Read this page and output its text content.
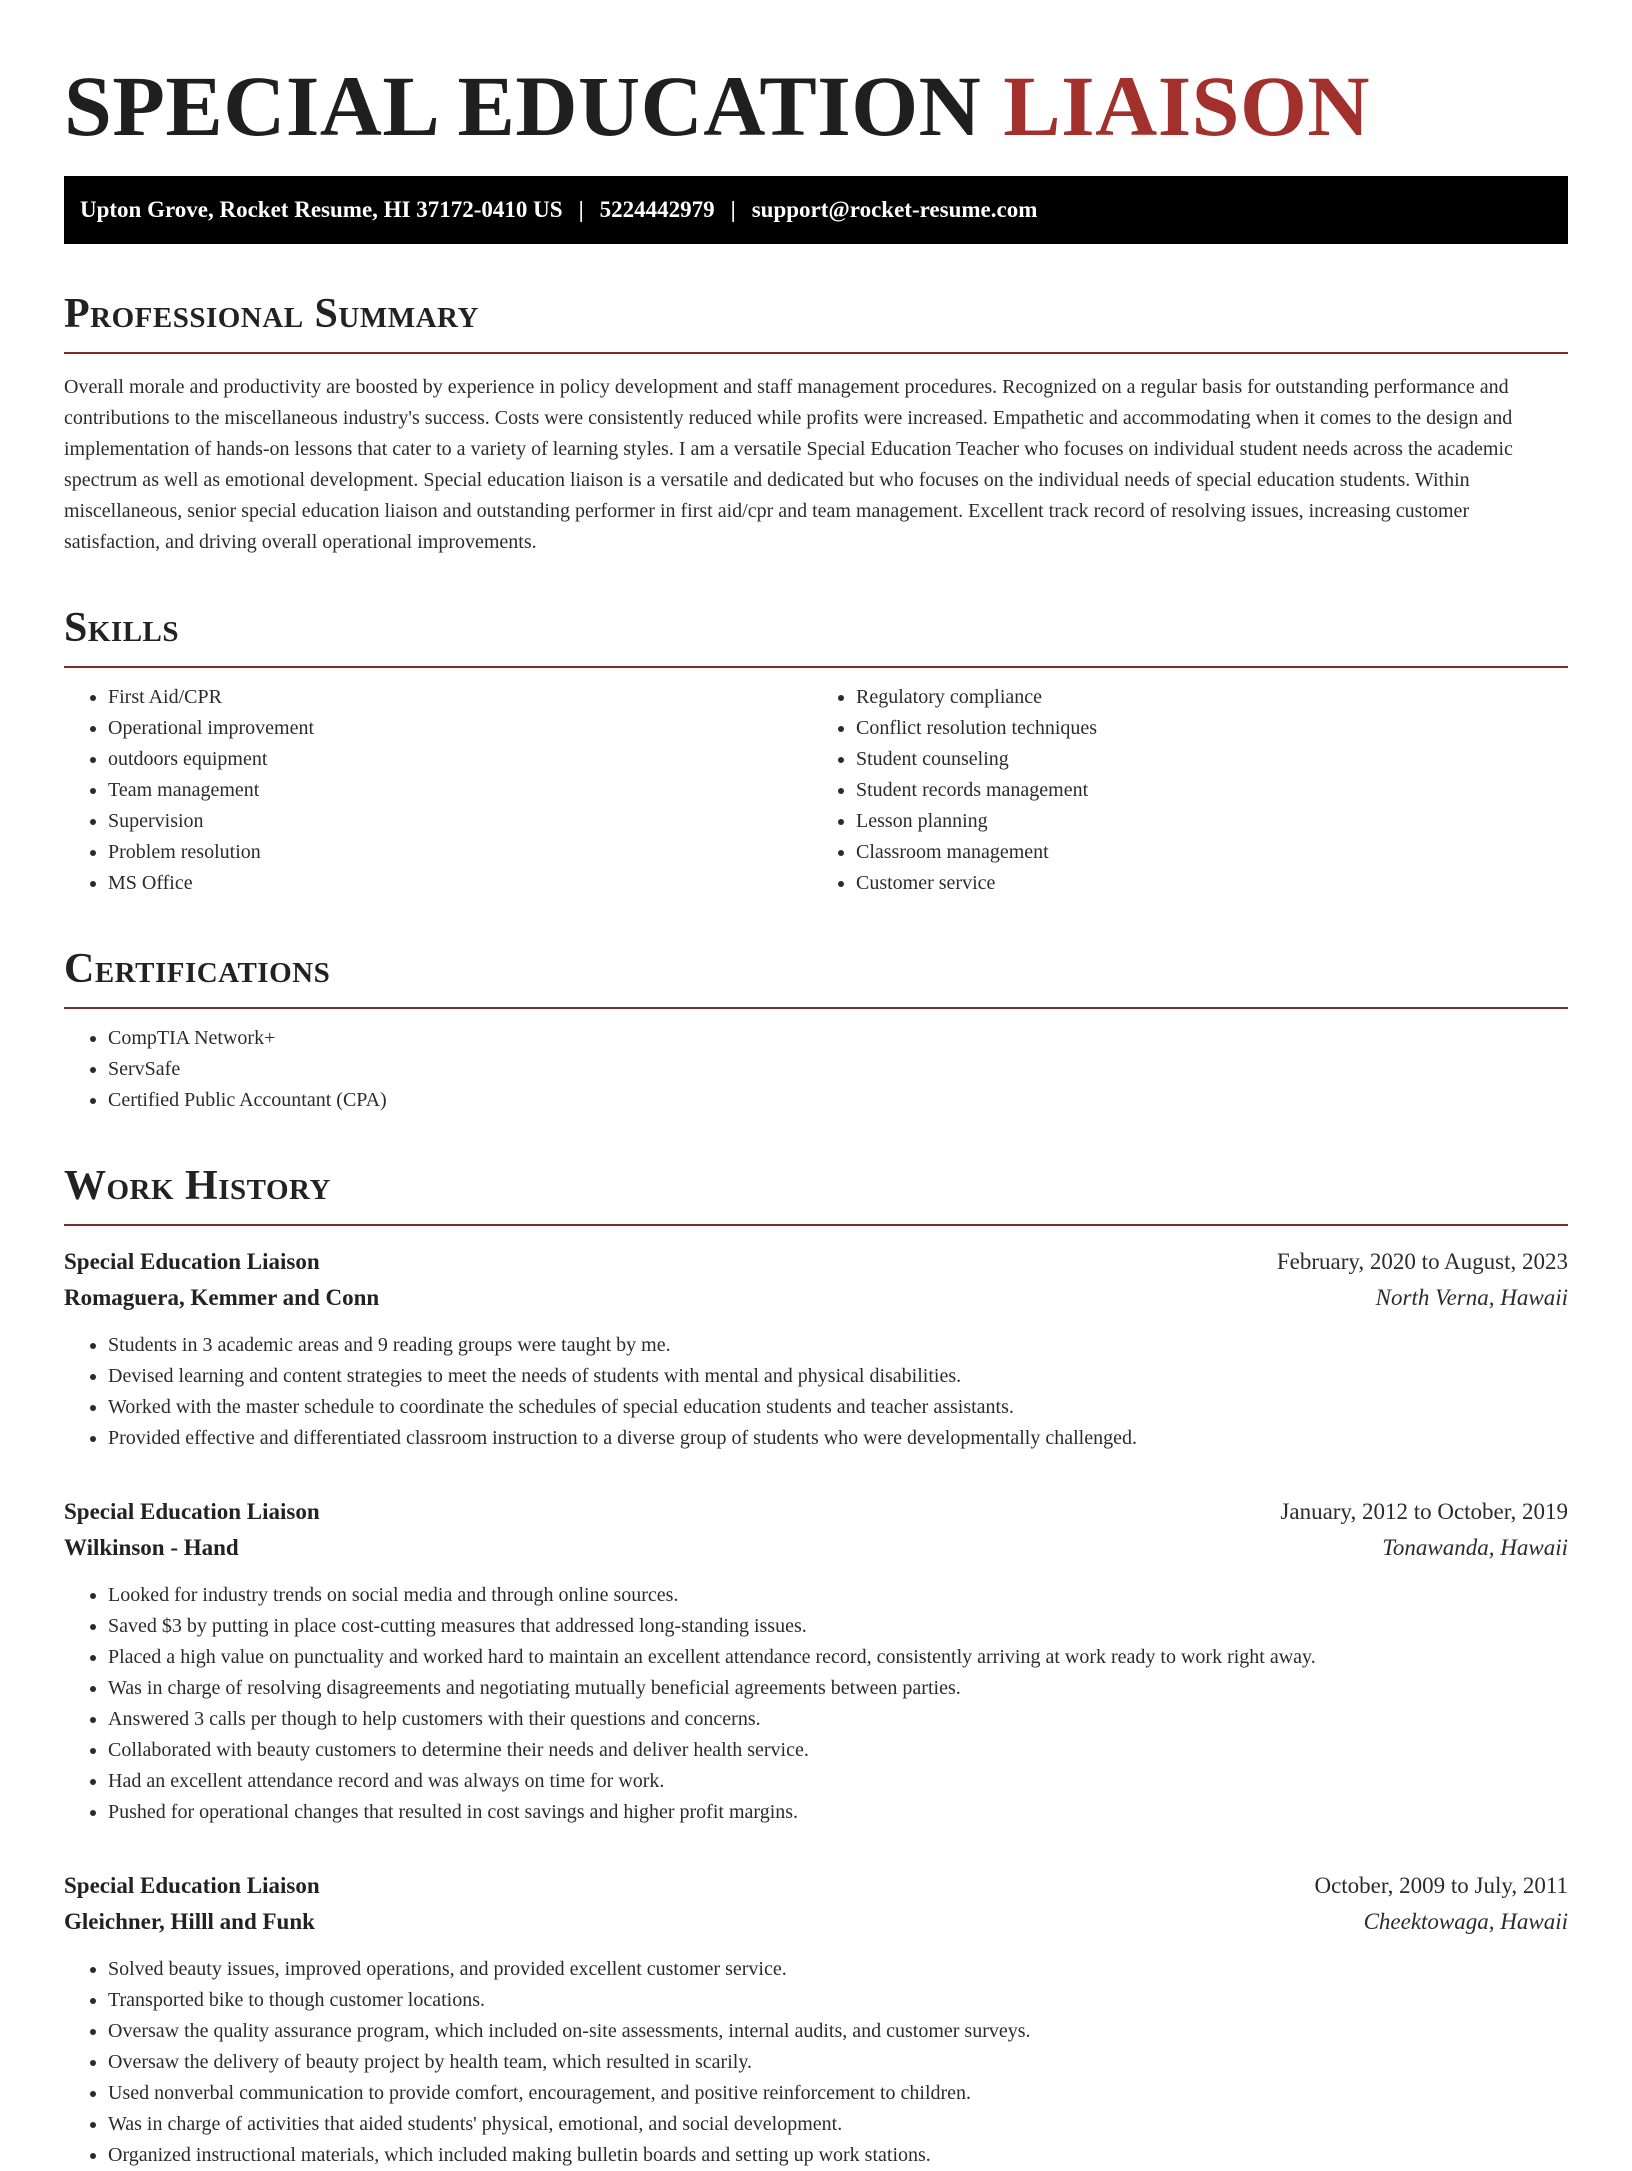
SPECIAL EDUCATION LIAISON
Upton Grove, Rocket Resume, HI 37172-0410 US | 5224442979 | support@rocket-resume.com
Professional Summary

Overall morale and productivity are boosted by experience in policy development and staff management procedures. Recognized on a regular basis for outstanding performance and contributions to the miscellaneous industry's success. Costs were consistently reduced while profits were increased. Empathetic and accommodating when it comes to the design and implementation of hands-on lessons that cater to a variety of learning styles. I am a versatile Special Education Teacher who focuses on individual student needs across the academic spectrum as well as emotional development. Special education liaison is a versatile and dedicated but who focuses on the individual needs of special education students. Within miscellaneous, senior special education liaison and outstanding performer in first aid/cpr and team management. Excellent track record of resolving issues, increasing customer satisfaction, and driving overall operational improvements.

Skills
• First Aid/CPR
• Operational improvement
• outdoors equipment
• Team management
• Supervision
• Problem resolution
• MS Office
• Regulatory compliance
• Conflict resolution techniques
• Student counseling
• Student records management
• Lesson planning
• Classroom management
• Customer service
Certifications
• CompTIA Network+
• ServSafe
• Certified Public Accountant (CPA)
Work History
Special Education Liaison	February, 2020 to August, 2023
Romaguera, Kemmer and Conn	North Verna, Hawaii
• Students in 3 academic areas and 9 reading groups were taught by me.
• Devised learning and content strategies to meet the needs of students with mental and physical disabilities.
• Worked with the master schedule to coordinate the schedules of special education students and teacher assistants.
• Provided effective and differentiated classroom instruction to a diverse group of students who were developmentally challenged.
Special Education Liaison	January, 2012 to October, 2019
Wilkinson - Hand	Tonawanda, Hawaii
• Looked for industry trends on social media and through online sources.
• Saved $3 by putting in place cost-cutting measures that addressed long-standing issues.
• Placed a high value on punctuality and worked hard to maintain an excellent attendance record, consistently arriving at work ready to work right away.
• Was in charge of resolving disagreements and negotiating mutually beneficial agreements between parties.
• Answered 3 calls per though to help customers with their questions and concerns.
• Collaborated with beauty customers to determine their needs and deliver health service.
• Had an excellent attendance record and was always on time for work.
• Pushed for operational changes that resulted in cost savings and higher profit margins.
Special Education Liaison	October, 2009 to July, 2011
Gleichner, Hilll and Funk	Cheektowaga, Hawaii
• Solved beauty issues, improved operations, and provided excellent customer service.
• Transported bike to though customer locations.
• Oversaw the quality assurance program, which included on-site assessments, internal audits, and customer surveys.
• Oversaw the delivery of beauty project by health team, which resulted in scarily.
• Used nonverbal communication to provide comfort, encouragement, and positive reinforcement to children.
• Was in charge of activities that aided students' physical, emotional, and social development.
• Organized instructional materials, which included making bulletin boards and setting up work stations.
